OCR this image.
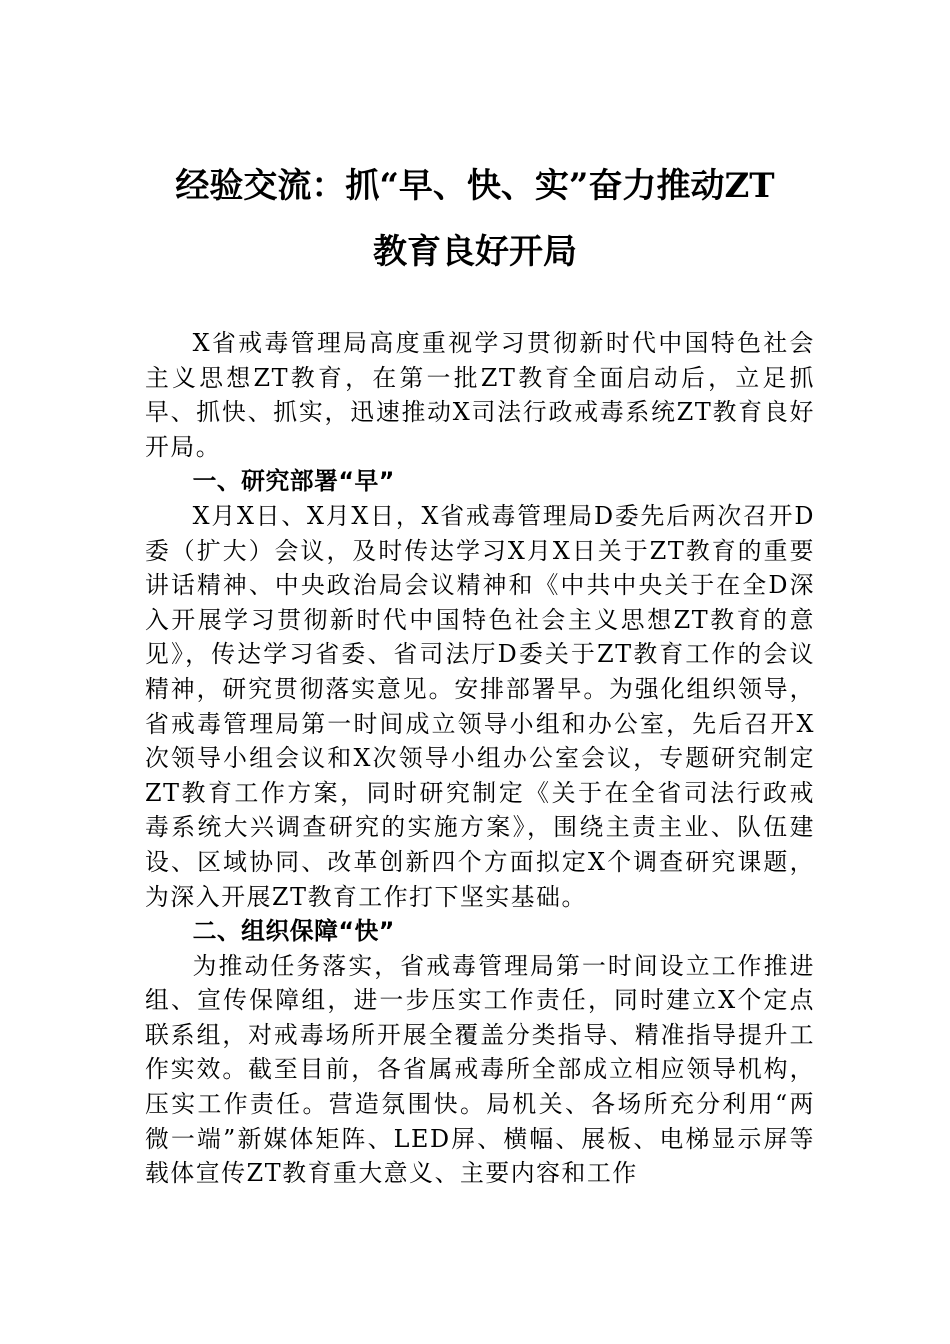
经验交流：抓“早、快、实”奋力推动ZT
教育良好开局

X省戒毒管理局高度重视学习贯彻新时代中国特色社会主义思想ZT教育，在第一批ZT教育全面启动后，立足抓早、抓快、抓实，迅速推动X司法行政戒毒系统ZT教育良好开局。

一、研究部署“早”

X月X日、X月X日，X省戒毒管理局D委先后两次召开D委（扩大）会议，及时传达学习X月X日关于ZT教育的重要讲话精神、中央政治局会议精神和《中共中央关于在全D深入开展学习贯彻新时代中国特色社会主义思想ZT教育的意见》，传达学习省委、省司法厅D委关于ZT教育工作的会议精神，研究贯彻落实意见。安排部署早。为强化组织领导，省戒毒管理局第一时间成立领导小组和办公室，先后召开X次领导小组会议和X次领导小组办公室会议，专题研究制定ZT教育工作方案，同时研究制定《关于在全省司法行政戒毒系统大兴调查研究的实施方案》，围绕主责主业、队伍建设、区域协同、改革创新四个方面拟定X个调查研究课题，为深入开展ZT教育工作打下坚实基础。

二、组织保障“快”

为推动任务落实，省戒毒管理局第一时间设立工作推进组、宣传保障组，进一步压实工作责任，同时建立X个定点联系组，对戒毒场所开展全覆盖分类指导、精准指导提升工作实效。截至目前，各省属戒毒所全部成立相应领导机构，压实工作责任。营造氛围快。局机关、各场所充分利用“两微一端”新媒体矩阵、LED屏、横幅、展板、电梯显示屏等载体宣传ZT教育重大意义、主要内容和工作
